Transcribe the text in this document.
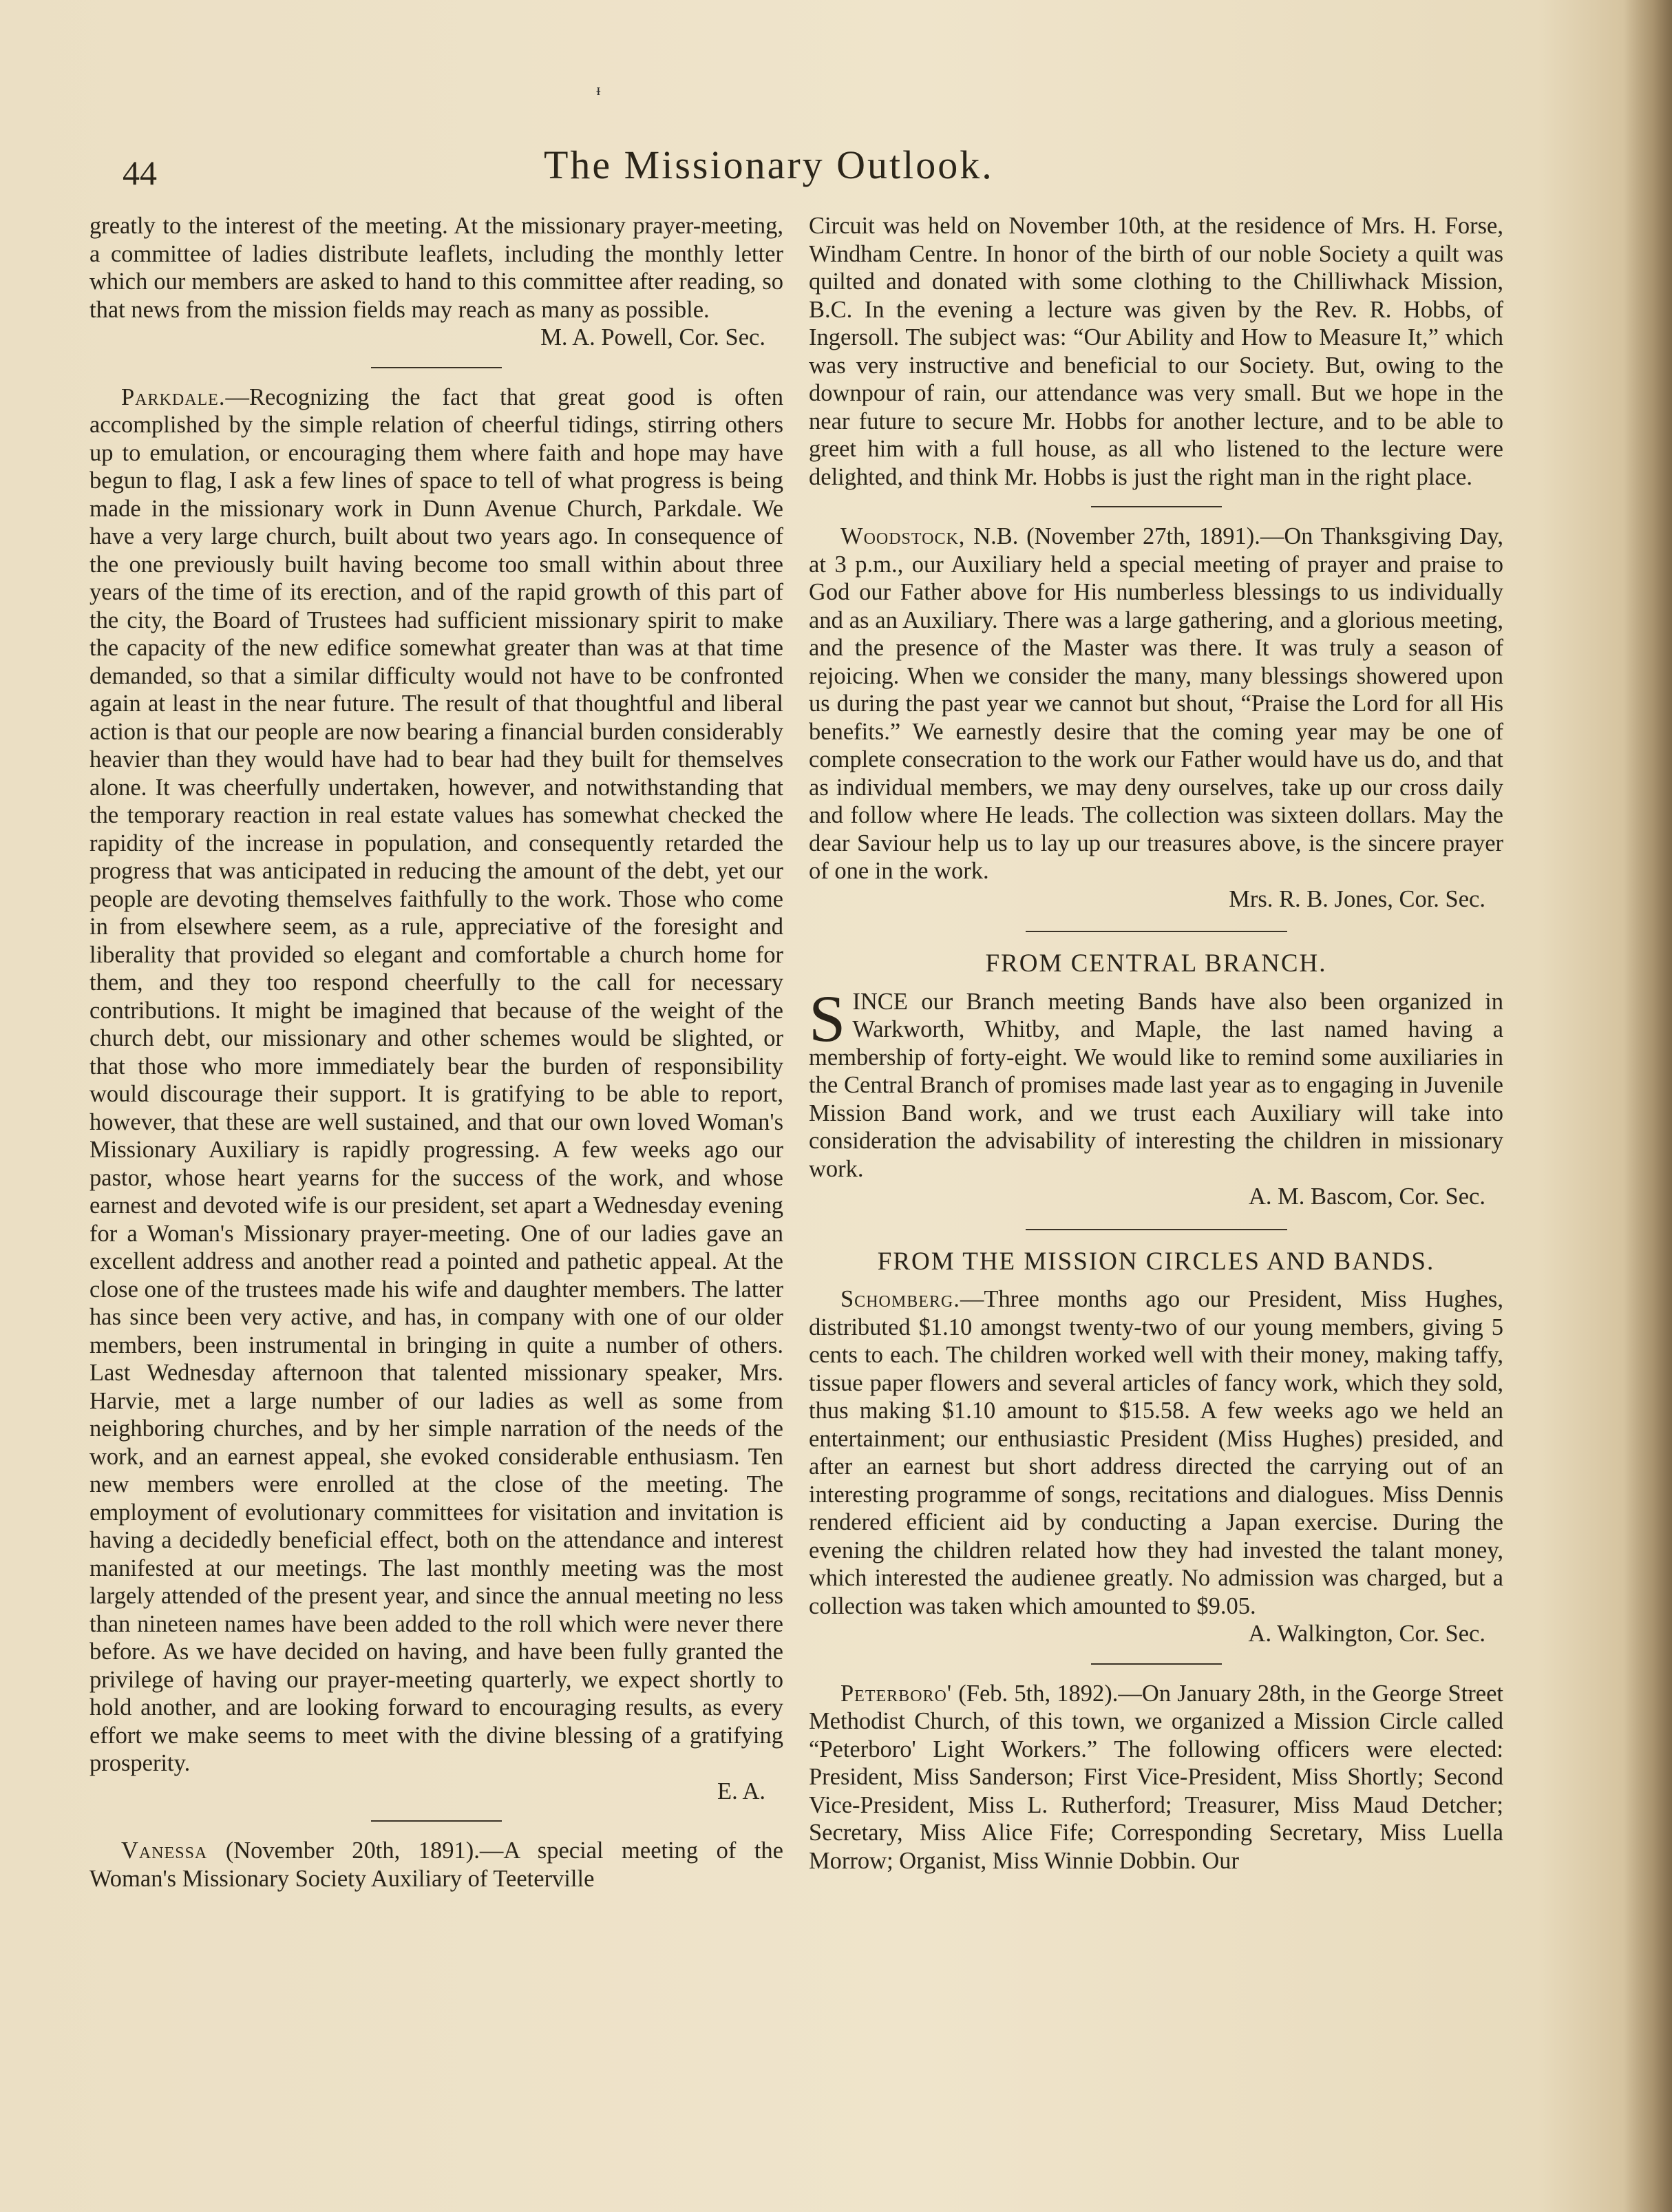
ᵻ
44	The Missionary Outlook.

greatly to the interest of the meeting. At the missionary prayer-meeting, a committee of ladies distribute leaflets, including the monthly letter which our members are asked to hand to this committee after reading, so that news from the mission fields may reach as many as possible.

M. A. Powell, Cor. Sec.

Parkdale.—Recognizing the fact that great good is often accomplished by the simple relation of cheerful tidings, stirring others up to emulation, or encouraging them where faith and hope may have begun to flag, I ask a few lines of space to tell of what progress is being made in the missionary work in Dunn Avenue Church, Parkdale. We have a very large church, built about two years ago. In consequence of the one previously built having become too small within about three years of the time of its erection, and of the rapid growth of this part of the city, the Board of Trustees had sufficient missionary spirit to make the capacity of the new edifice somewhat greater than was at that time demanded, so that a similar difficulty would not have to be confronted again at least in the near future. The result of that thoughtful and liberal action is that our people are now bearing a financial burden considerably heavier than they would have had to bear had they built for themselves alone. It was cheerfully undertaken, however, and notwithstanding that the temporary reaction in real estate values has somewhat checked the rapidity of the increase in population, and consequently retarded the progress that was anticipated in reducing the amount of the debt, yet our people are devoting themselves faithfully to the work. Those who come in from elsewhere seem, as a rule, appreciative of the foresight and liberality that provided so elegant and comfortable a church home for them, and they too respond cheerfully to the call for necessary contributions. It might be imagined that because of the weight of the church debt, our missionary and other schemes would be slighted, or that those who more immediately bear the burden of responsibility would discourage their support. It is gratifying to be able to report, however, that these are well sustained, and that our own loved Woman's Missionary Auxiliary is rapidly progressing. A few weeks ago our pastor, whose heart yearns for the success of the work, and whose earnest and devoted wife is our president, set apart a Wednesday evening for a Woman's Missionary prayer-meeting. One of our ladies gave an excellent address and another read a pointed and pathetic appeal. At the close one of the trustees made his wife and daughter members. The latter has since been very active, and has, in company with one of our older members, been instrumental in bringing in quite a number of others. Last Wednesday afternoon that talented missionary speaker, Mrs. Harvie, met a large number of our ladies as well as some from neighboring churches, and by her simple narration of the needs of the work, and an earnest appeal, she evoked considerable enthusiasm. Ten new members were enrolled at the close of the meeting. The employment of evolutionary committees for visitation and invitation is having a decidedly beneficial effect, both on the attendance and interest manifested at our meetings. The last monthly meeting was the most largely attended of the present year, and since the annual meeting no less than nineteen names have been added to the roll which were never there before. As we have decided on having, and have been fully granted the privilege of having our prayer-meeting quarterly, we expect shortly to hold another, and are looking forward to encouraging results, as every effort we make seems to meet with the divine blessing of a gratifying prosperity.

E. A.

Vanessa (November 20th, 1891).—A special meeting of the Woman's Missionary Society Auxiliary of Teeterville

Circuit was held on November 10th, at the residence of Mrs. H. Forse, Windham Centre. In honor of the birth of our noble Society a quilt was quilted and donated with some clothing to the Chilliwhack Mission, B.C. In the evening a lecture was given by the Rev. R. Hobbs, of Ingersoll. The subject was: “Our Ability and How to Measure It,” which was very instructive and beneficial to our Society. But, owing to the downpour of rain, our attendance was very small. But we hope in the near future to secure Mr. Hobbs for another lecture, and to be able to greet him with a full house, as all who listened to the lecture were delighted, and think Mr. Hobbs is just the right man in the right place.

Woodstock, N.B. (November 27th, 1891).—On Thanksgiving Day, at 3 p.m., our Auxiliary held a special meeting of prayer and praise to God our Father above for His numberless blessings to us individually and as an Auxiliary. There was a large gathering, and a glorious meeting, and the presence of the Master was there. It was truly a season of rejoicing. When we consider the many, many blessings showered upon us during the past year we cannot but shout, “Praise the Lord for all His benefits.” We earnestly desire that the coming year may be one of complete consecration to the work our Father would have us do, and that as individual members, we may deny ourselves, take up our cross daily and follow where He leads. The collection was sixteen dollars. May the dear Saviour help us to lay up our treasures above, is the sincere prayer of one in the work.

Mrs. R. B. Jones, Cor. Sec.

FROM CENTRAL BRANCH.

SINCE our Branch meeting Bands have also been organized in Warkworth, Whitby, and Maple, the last named having a membership of forty-eight. We would like to remind some auxiliaries in the Central Branch of promises made last year as to engaging in Juvenile Mission Band work, and we trust each Auxiliary will take into consideration the advisability of interesting the children in missionary work.

A. M. Bascom, Cor. Sec.

FROM THE MISSION CIRCLES AND BANDS.

Schomberg.—Three months ago our President, Miss Hughes, distributed $1.10 amongst twenty-two of our young members, giving 5 cents to each. The children worked well with their money, making taffy, tissue paper flowers and several articles of fancy work, which they sold, thus making $1.10 amount to $15.58. A few weeks ago we held an entertainment; our enthusiastic President (Miss Hughes) presided, and after an earnest but short address directed the carrying out of an interesting programme of songs, recitations and dialogues. Miss Dennis rendered efficient aid by conducting a Japan exercise. During the evening the children related how they had invested the talant money, which interested the audienee greatly. No admission was charged, but a collection was taken which amounted to $9.05.

A. Walkington, Cor. Sec.

Peterboro' (Feb. 5th, 1892).—On January 28th, in the George Street Methodist Church, of this town, we organized a Mission Circle called “Peterboro' Light Workers.” The following officers were elected: President, Miss Sanderson; First Vice-President, Miss Shortly; Second Vice-President, Miss L. Rutherford; Treasurer, Miss Maud Detcher; Secretary, Miss Alice Fife; Corresponding Secretary, Miss Luella Morrow; Organist, Miss Winnie Dobbin. Our
